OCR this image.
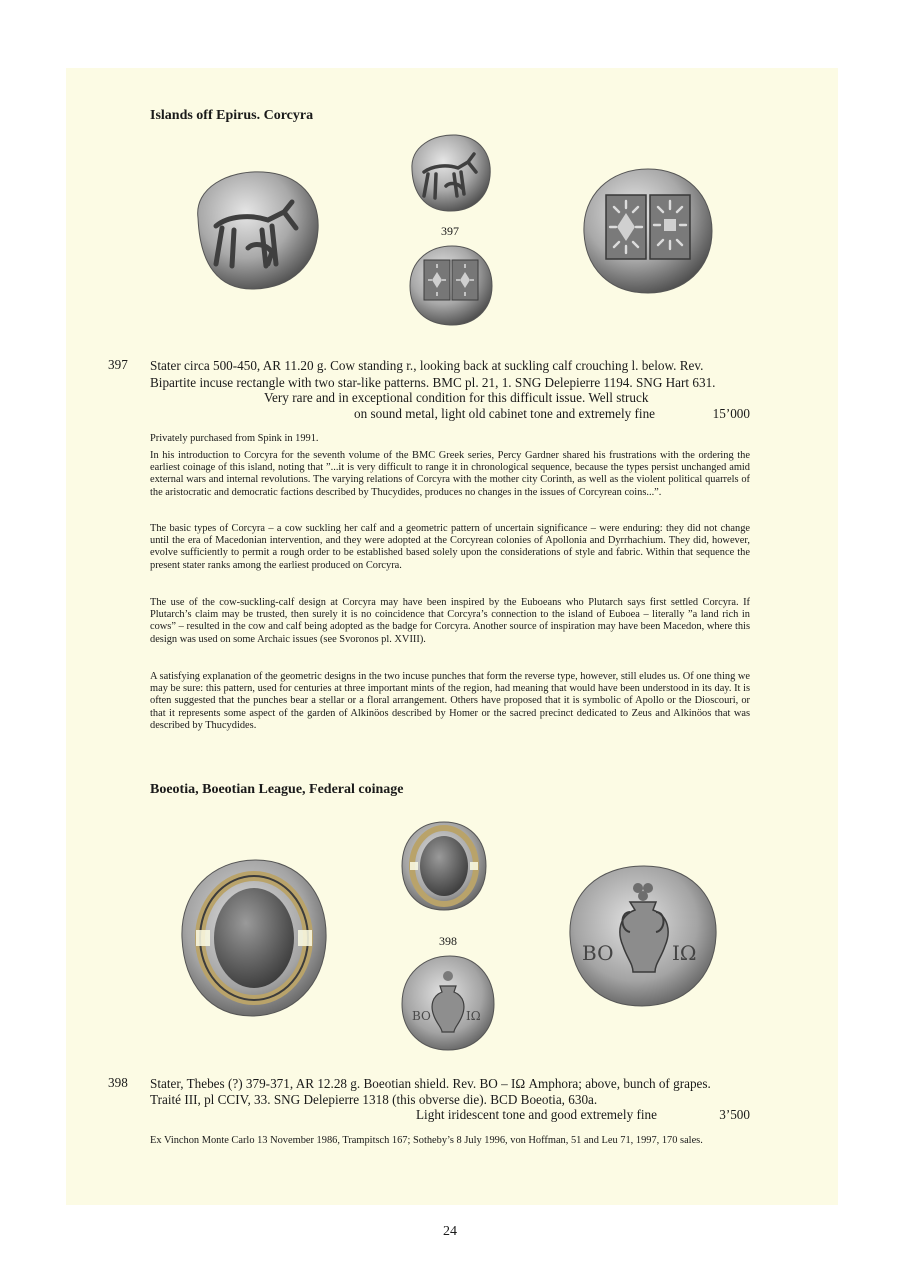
Islands off Epirus. Corcyra
397
397 Stater circa 500-450, AR 11.20 g. Cow standing r., looking back at suckling calf crouching l. below. Rev.
Bipartite incuse rectangle with two star-like patterns. BMC pl. 21, 1. SNG Delepierre 1194. SNG Hart 631.
Very rare and in exceptional condition for this difficult issue. Well struck
on sound metal, light old cabinet tone and extremely fine	15’000
Privately purchased from Spink in 1991.
In his introduction to Corcyra for the seventh volume of the BMC Greek series, Percy Gardner shared his frustrations with the ordering the earliest coinage of this island, noting that ”...it is very difficult to range it in chronological sequence, because the types persist unchanged amid external wars and internal revolutions. The varying relations of Corcyra with the mother city Corinth, as well as the violent political quarrels of the aristocratic and democratic factions described by Thucydides, produces no changes in the issues of Corcyrean coins...”.
The basic types of Corcyra – a cow suckling her calf and a geometric pattern of uncertain significance – were enduring: they did not change until the era of Macedonian intervention, and they were adopted at the Corcyrean colonies of Apollonia and Dyrrhachium. They did, however, evolve sufficiently to permit a rough order to be established based solely upon the considerations of style and fabric. Within that sequence the present stater ranks among the earliest produced on Corcyra.
The use of the cow-suckling-calf design at Corcyra may have been inspired by the Euboeans who Plutarch says first settled Corcyra. If Plutarch’s claim may be trusted, then surely it is no coincidence that Corcyra’s connection to the island of Euboea – literally ”a land rich in cows” – resulted in the cow and calf being adopted as the badge for Corcyra. Another source of inspiration may have been Macedon, where this design was used on some Archaic issues (see Svoronos pl. XVIII).
A satisfying explanation of the geometric designs in the two incuse punches that form the reverse type, however, still eludes us. Of one thing we may be sure: this pattern, used for centuries at three important mints of the region, had meaning that would have been understood in its day. It is often suggested that the punches bear a stellar or a floral arrangement. Others have proposed that it is symbolic of Apollo or the Dioscouri, or that it represents some aspect of the garden of Alkinöos described by Homer or the sacred precinct dedicated to Zeus and Alkinöos that was described by Thucydides.
Boeotia, Boeotian League, Federal coinage
398
BO	IΩ
BO	IΩ
398 Stater, Thebes (?) 379-371, AR 12.28 g. Boeotian shield. Rev. BO – IΩ Amphora; above, bunch of grapes.
Traité III, pl CCIV, 33. SNG Delepierre 1318 (this obverse die). BCD Boeotia, 630a.
Light iridescent tone and good extremely fine	3’500
Ex Vinchon Monte Carlo 13 November 1986, Trampitsch 167; Sotheby’s 8 July 1996, von Hoffman, 51 and Leu 71, 1997, 170 sales.
24
